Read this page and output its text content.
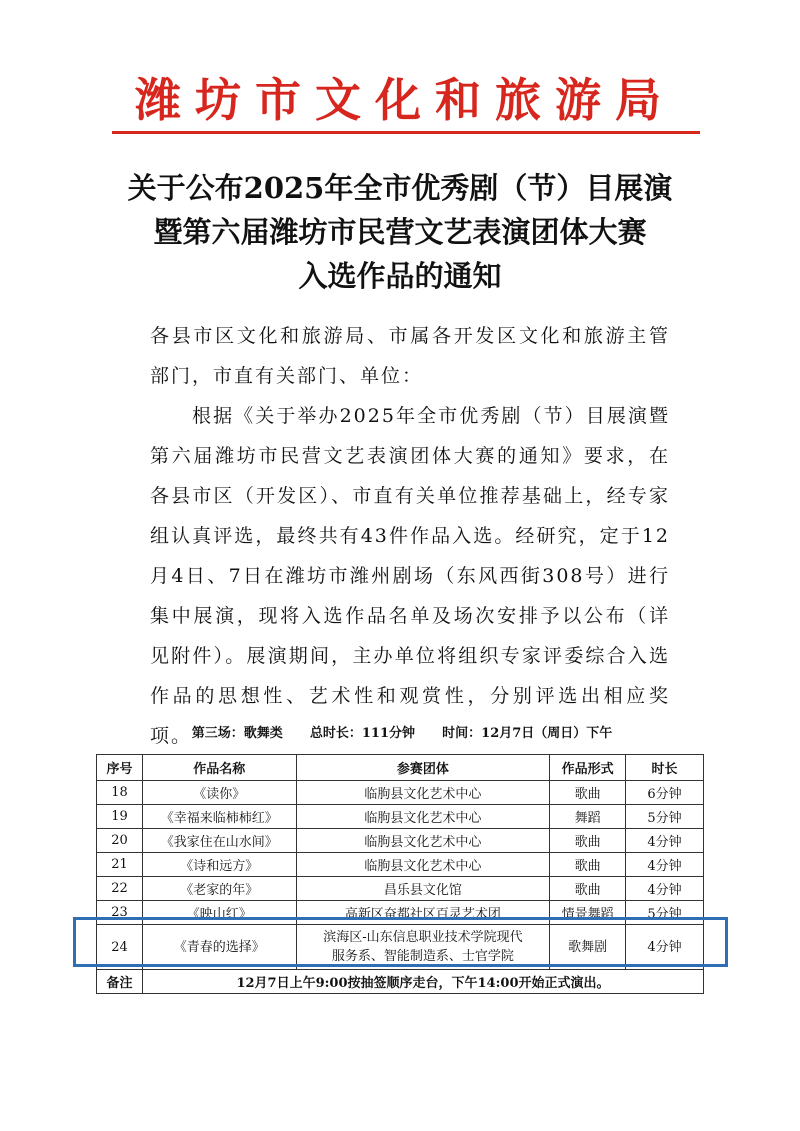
潍坊市文化和旅游局
关于公布2025年全市优秀剧（节）目展演
暨第六届潍坊市民营文艺表演团体大赛
入选作品的通知

各县市区文化和旅游局、市属各开发区文化和旅游主管部门，市直有关部门、单位：

根据《关于举办2025年全市优秀剧（节）目展演暨第六届潍坊市民营文艺表演团体大赛的通知》要求，在各县市区（开发区）、市直有关单位推荐基础上，经专家组认真评选，最终共有43件作品入选。经研究，定于12月4日、7日在潍坊市潍州剧场（东风西街308号）进行集中展演，现将入选作品名单及场次安排予以公布（详见附件）。展演期间，主办单位将组织专家评委综合入选作品的思想性、艺术性和观赏性，分别评选出相应奖项。 第三场：歌舞类      总时长：111分钟      时间：12月7日（周日）下午
序号	作品名称	参赛团体	作品形式	时长
18	《读你》	临朐县文化艺术中心	歌曲	6分钟
19	《幸福来临柿柿红》	临朐县文化艺术中心	舞蹈	5分钟
20	《我家住在山水间》	临朐县文化艺术中心	歌曲	4分钟
21	《诗和远方》	临朐县文化艺术中心	歌曲	4分钟
22	《老家的年》	昌乐县文化馆	歌曲	4分钟
23	《映山红》	高新区奋都社区百灵艺术团	情景舞蹈	5分钟
24	《青春的选择》	滨海区-山东信息职业技术学院现代
服务系、智能制造系、士官学院	歌舞剧	4分钟
备注	12月7日上午9:00按抽签顺序走台，下午14:00开始正式演出。			
